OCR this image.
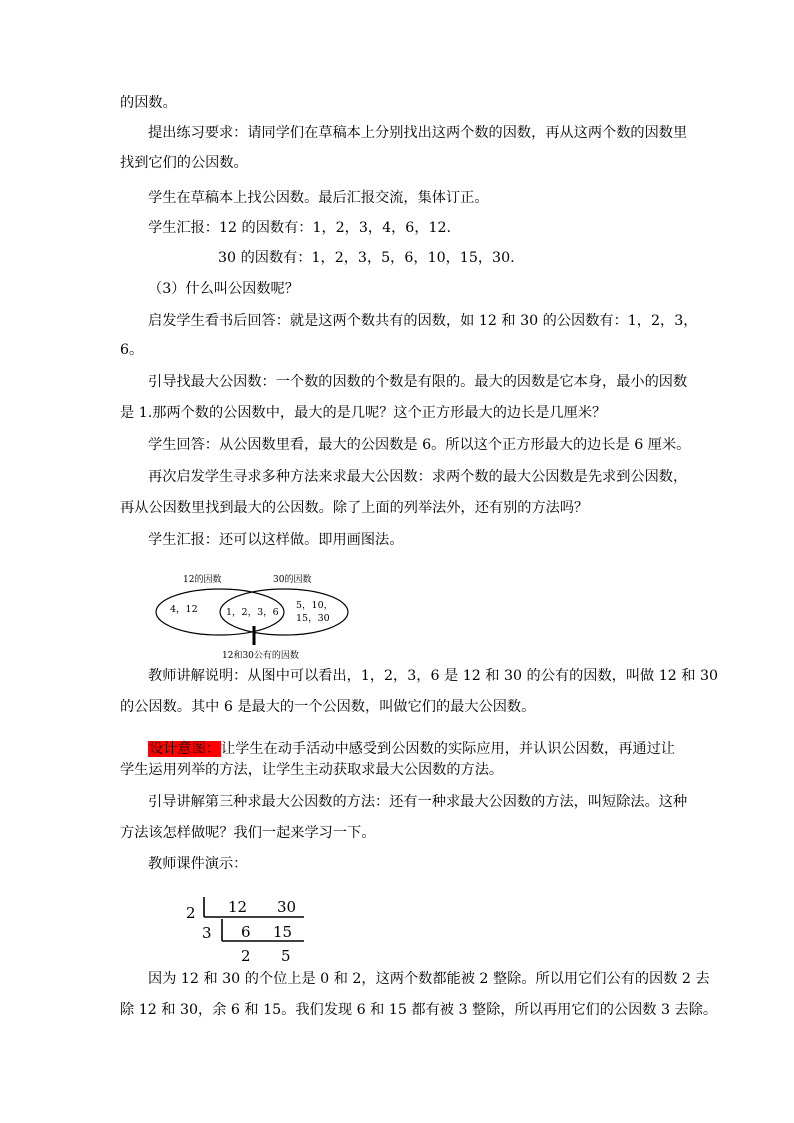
的因数。
提出练习要求：请同学们在草稿本上分别找出这两个数的因数，再从这两个数的因数里
找到它们的公因数。
学生在草稿本上找公因数。最后汇报交流，集体订正。
学生汇报：12 的因数有：1，2，3，4，6，12.
30 的因数有：1，2，3，5，6，10，15，30.
（3）什么叫公因数呢？
启发学生看书后回答：就是这两个数共有的因数，如 12 和 30 的公因数有：1，2，3，
6。
引导找最大公因数：一个数的因数的个数是有限的。最大的因数是它本身，最小的因数
是 1.那两个数的公因数中，最大的是几呢？这个正方形最大的边长是几厘米？
学生回答：从公因数里看，最大的公因数是 6。所以这个正方形最大的边长是 6 厘米。
再次启发学生寻求多种方法来求最大公因数：求两个数的最大公因数是先求到公因数，
再从公因数里找到最大的公因数。除了上面的列举法外，还有别的方法吗？
学生汇报：还可以这样做。即用画图法。
教师讲解说明：从图中可以看出，1，2，3，6 是 12 和 30 的公有的因数，叫做 12 和 30
的公因数。其中 6 是最大的一个公因数，叫做它们的最大公因数。
学生运用列举的方法，让学生主动获取求最大公因数的方法。
引导讲解第三种求最大公因数的方法：还有一种求最大公因数的方法，叫短除法。这种
方法该怎样做呢？我们一起来学习一下。
教师课件演示：
因为 12 和 30 的个位上是 0 和 2，这两个数都能被 2 整除。所以用它们公有的因数 2 去
除 12 和 30，余 6 和 15。我们发现 6 和 15 都有被 3 整除，所以再用它们的公因数 3 去除。
设计意图：让学生在动手活动中感受到公因数的实际应用，并认识公因数，再通过让
12的因数	30的因数
4，12	1，2，3，6
5，10，
15，30
12和30公有的因数
2 12 30
3 6 15
2 5
